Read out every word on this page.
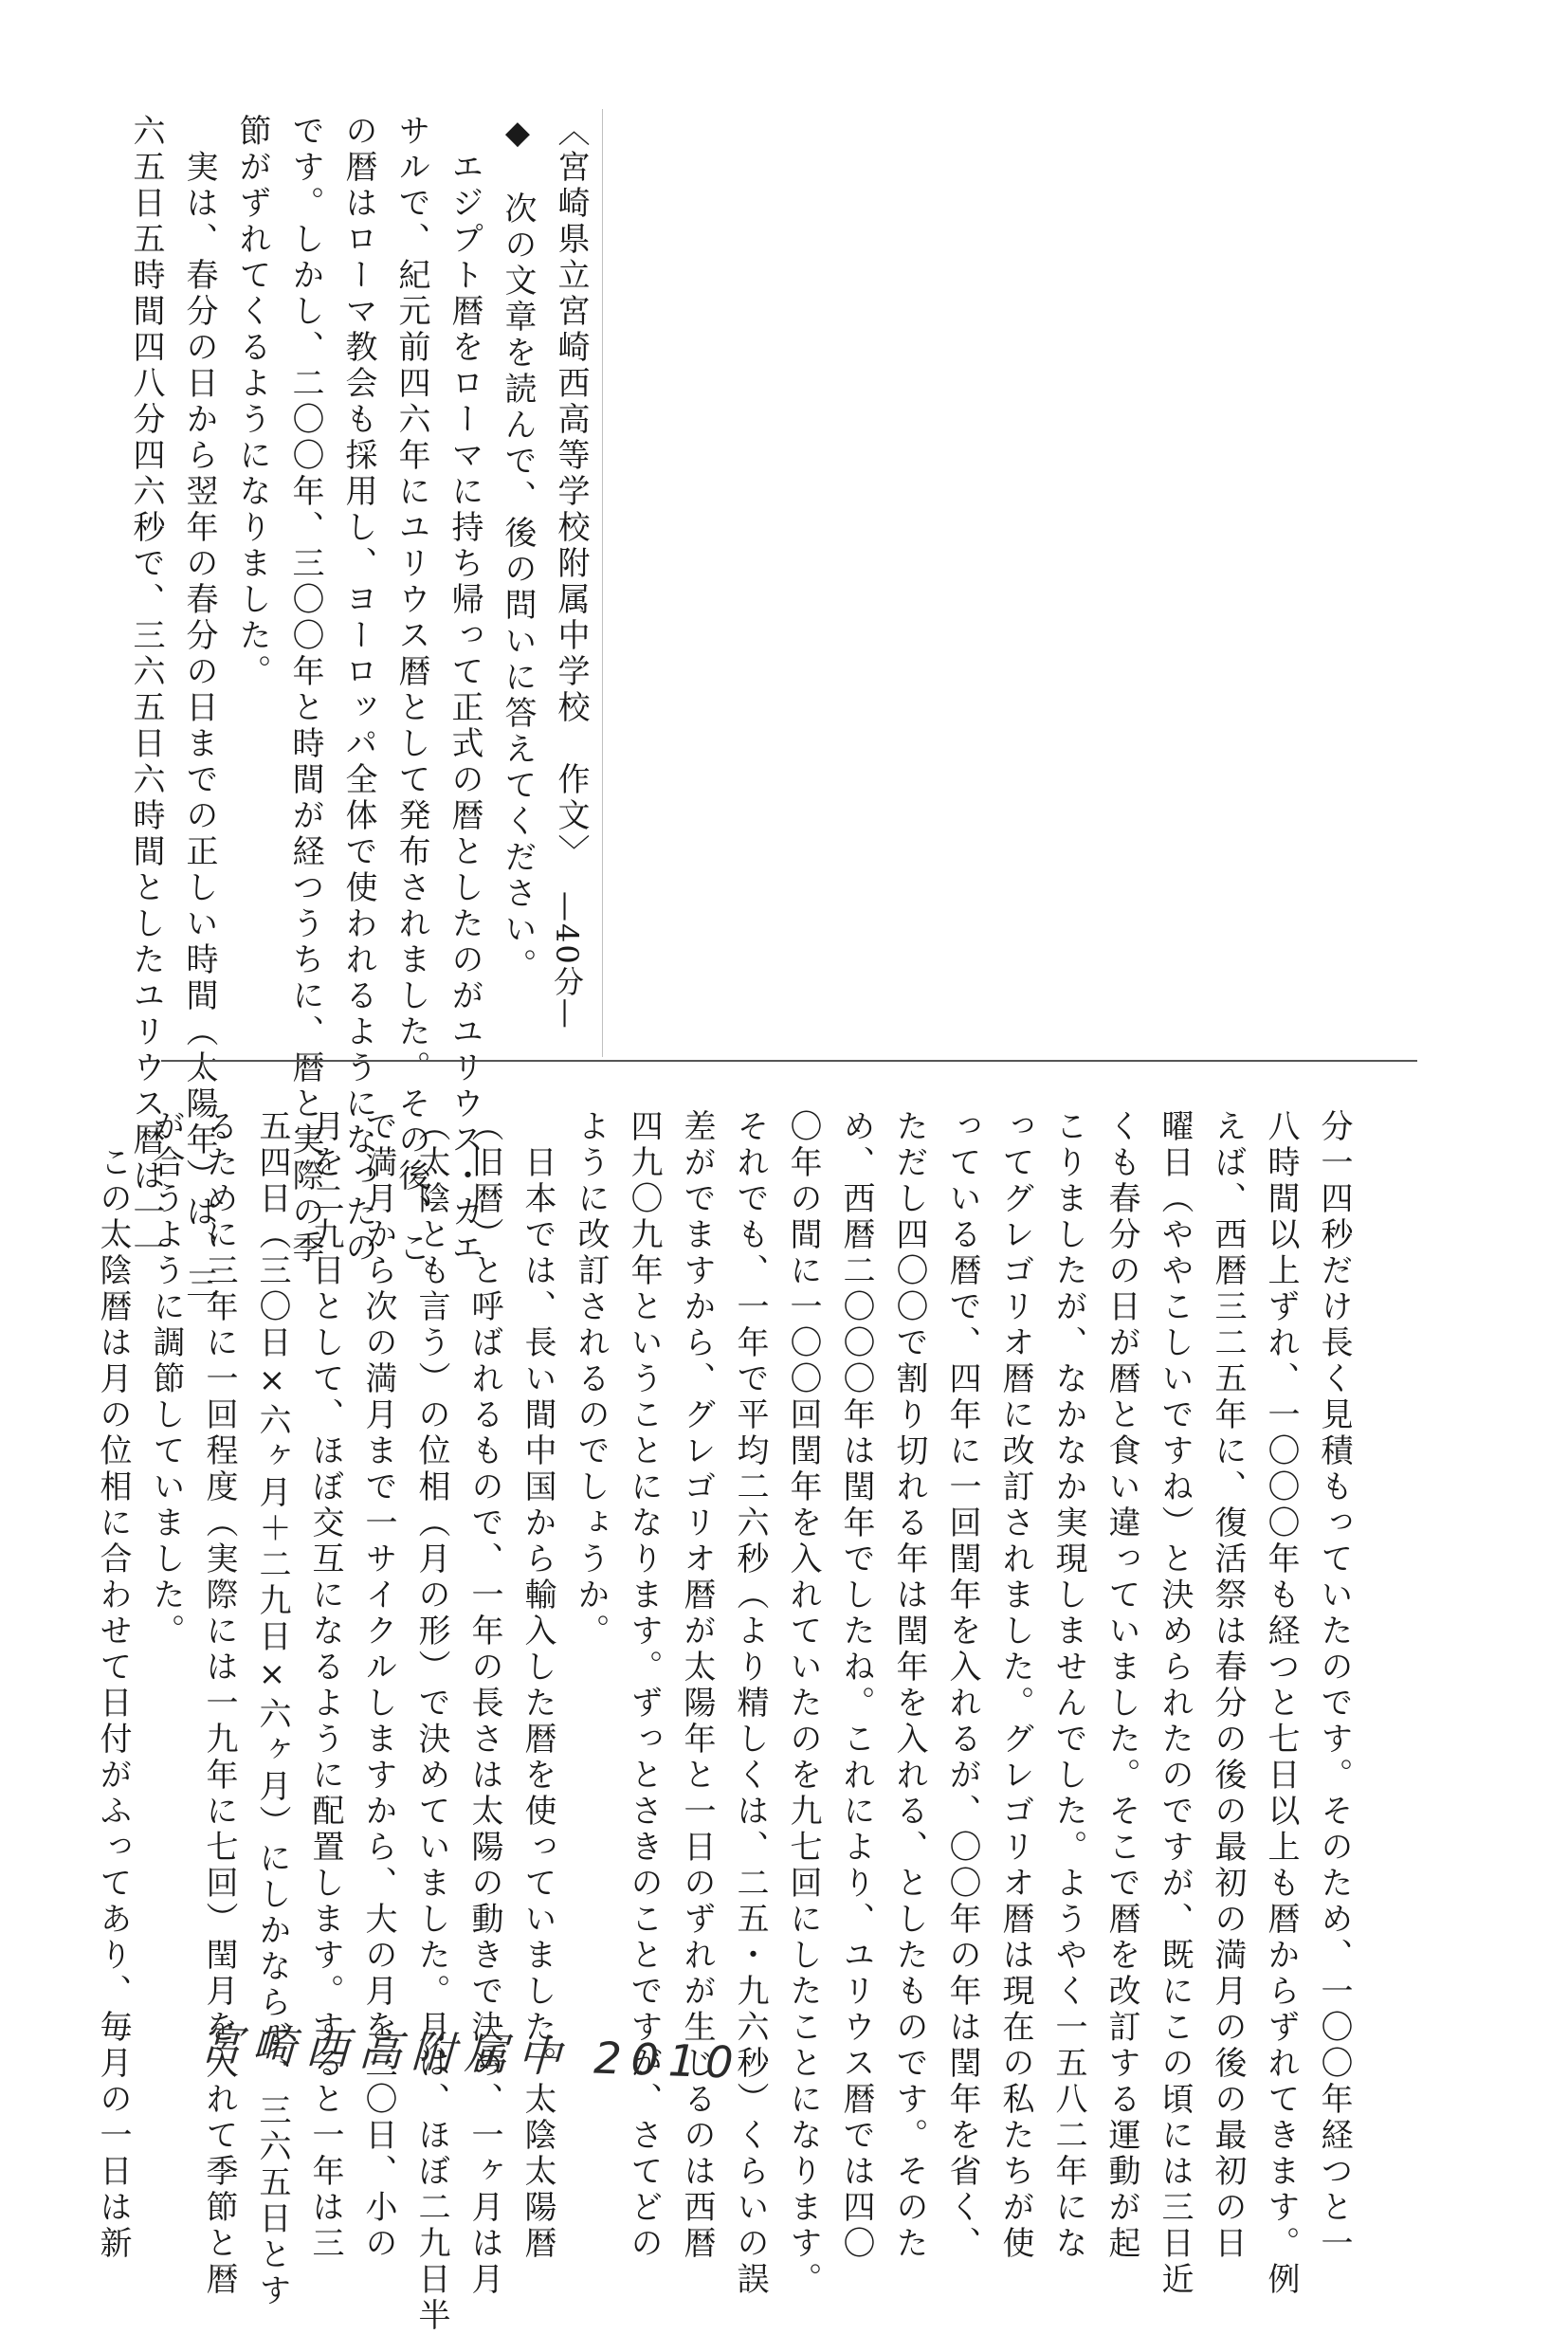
〈宮崎県立宮崎西高等学校附属中学校　作文〉
◆　次の文章を読んで、後の問いに答えてください。
　エジプト暦をローマに持ち帰って正式の暦としたのがユリウス・カエ
サルで、紀元前四六年にユリウス暦として発布されました。その後、こ
の暦はローマ教会も採用し、ヨーロッパ全体で使われるようになったの
です。しかし、二〇〇年、三〇〇年と時間が経つうちに、暦と実際の季
節がずれてくるようになりました。
　実は、春分の日から翌年の春分の日までの正しい時間（太陽年）は、三
六五日五時間四八分四六秒で、三六五日六時間としたユリウス暦は一一	—40分—
分一四秒だけ長く見積もっていたのです。そのため、一〇〇年経つと一
八時間以上ずれ、一〇〇〇年も経つと七日以上も暦からずれてきます。例
えば、西暦三二五年に、復活祭は春分の後の最初の満月の後の最初の日
曜日（ややこしいですね）と決められたのですが、既にこの頃には三日近
くも春分の日が暦と食い違っていました。そこで暦を改訂する運動が起
こりましたが、なかなか実現しませんでした。ようやく一五八二年にな
ってグレゴリオ暦に改訂されました。グレゴリオ暦は現在の私たちが使
っている暦で、四年に一回閏年を入れるが、〇〇年の年は閏年を省く、
ただし四〇〇で割り切れる年は閏年を入れる、としたものです。そのた
め、西暦二〇〇〇年は閏年でしたね。これにより、ユリウス暦では四〇
〇年の間に一〇〇回閏年を入れていたのを九七回にしたことになります。
それでも、一年で平均二六秒（より精しくは、二五・九六秒）くらいの誤
差がでますから、グレゴリオ暦が太陽年と一日のずれが生じるのは西暦
四九〇九年ということになります。ずっとさきのことですが、さてどの
ように改訂されるのでしょうか。
　日本では、長い間中国から輸入した暦を使っていました。太陰太陽暦
（旧暦）と呼ばれるもので、一年の長さは太陽の動きで決め、一ヶ月は月
（太陰とも言う）の位相（月の形）で決めていました。月は、ほぼ二九日半
で満月から次の満月まで一サイクルしますから、大の月を三〇日、小の
月を二九日として、ほぼ交互になるように配置します。すると一年は三
五四日（三〇日×六ヶ月＋二九日×六ヶ月）にしかならず、三六五日とす
るために三年に一回程度（実際には一九年に七回）閏月を入れて季節と暦
が合うように調節していました。
　この太陰暦は月の位相に合わせて日付がふってあり、毎月の一日は新	宮崎西高附属中 2010
